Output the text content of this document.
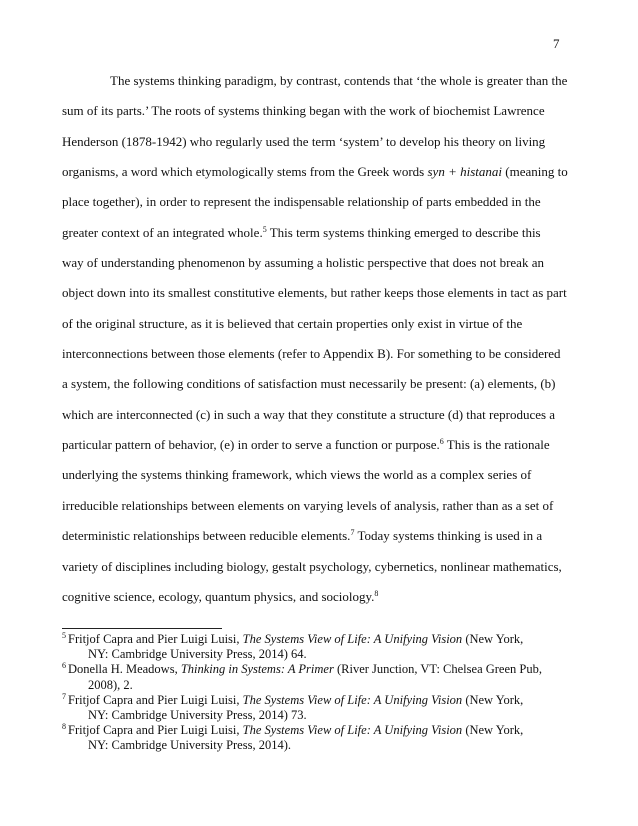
7
The systems thinking paradigm, by contrast, contends that ‘the whole is greater than the
sum of its parts.’ The roots of systems thinking began with the work of biochemist Lawrence
Henderson (1878-1942) who regularly used the term ‘system’ to develop his theory on living
organisms, a word which etymologically stems from the Greek words syn + histanai (meaning to
place together), in order to represent the indispensable relationship of parts embedded in the
greater context of an integrated whole.$^5$ This term systems thinking emerged to describe this
way of understanding phenomenon by assuming a holistic perspective that does not break an
object down into its smallest constitutive elements, but rather keeps those elements in tact as part
of the original structure, as it is believed that certain properties only exist in virtue of the
interconnections between those elements (refer to Appendix B). For something to be considered
a system, the following conditions of satisfaction must necessarily be present: (a) elements, (b)
which are interconnected (c) in such a way that they constitute a structure (d) that reproduces a
particular pattern of behavior, (e) in order to serve a function or purpose.$^6$ This is the rationale
underlying the systems thinking framework, which views the world as a complex series of
irreducible relationships between elements on varying levels of analysis, rather than as a set of
deterministic relationships between reducible elements.$^7$ Today systems thinking is used in a
variety of disciplines including biology, gestalt psychology, cybernetics, nonlinear mathematics,
cognitive science, ecology, quantum physics, and sociology.$^8$
$^5$ Fritjof Capra and Pier Luigi Luisi, The Systems View of Life: A Unifying Vision (New York,
NY: Cambridge University Press, 2014) 64.
$^6$ Donella H. Meadows, Thinking in Systems: A Primer (River Junction, VT: Chelsea Green Pub,
2008), 2.
$^7$ Fritjof Capra and Pier Luigi Luisi, The Systems View of Life: A Unifying Vision (New York,
NY: Cambridge University Press, 2014) 73.
$^8$ Fritjof Capra and Pier Luigi Luisi, The Systems View of Life: A Unifying Vision (New York,
NY: Cambridge University Press, 2014).
